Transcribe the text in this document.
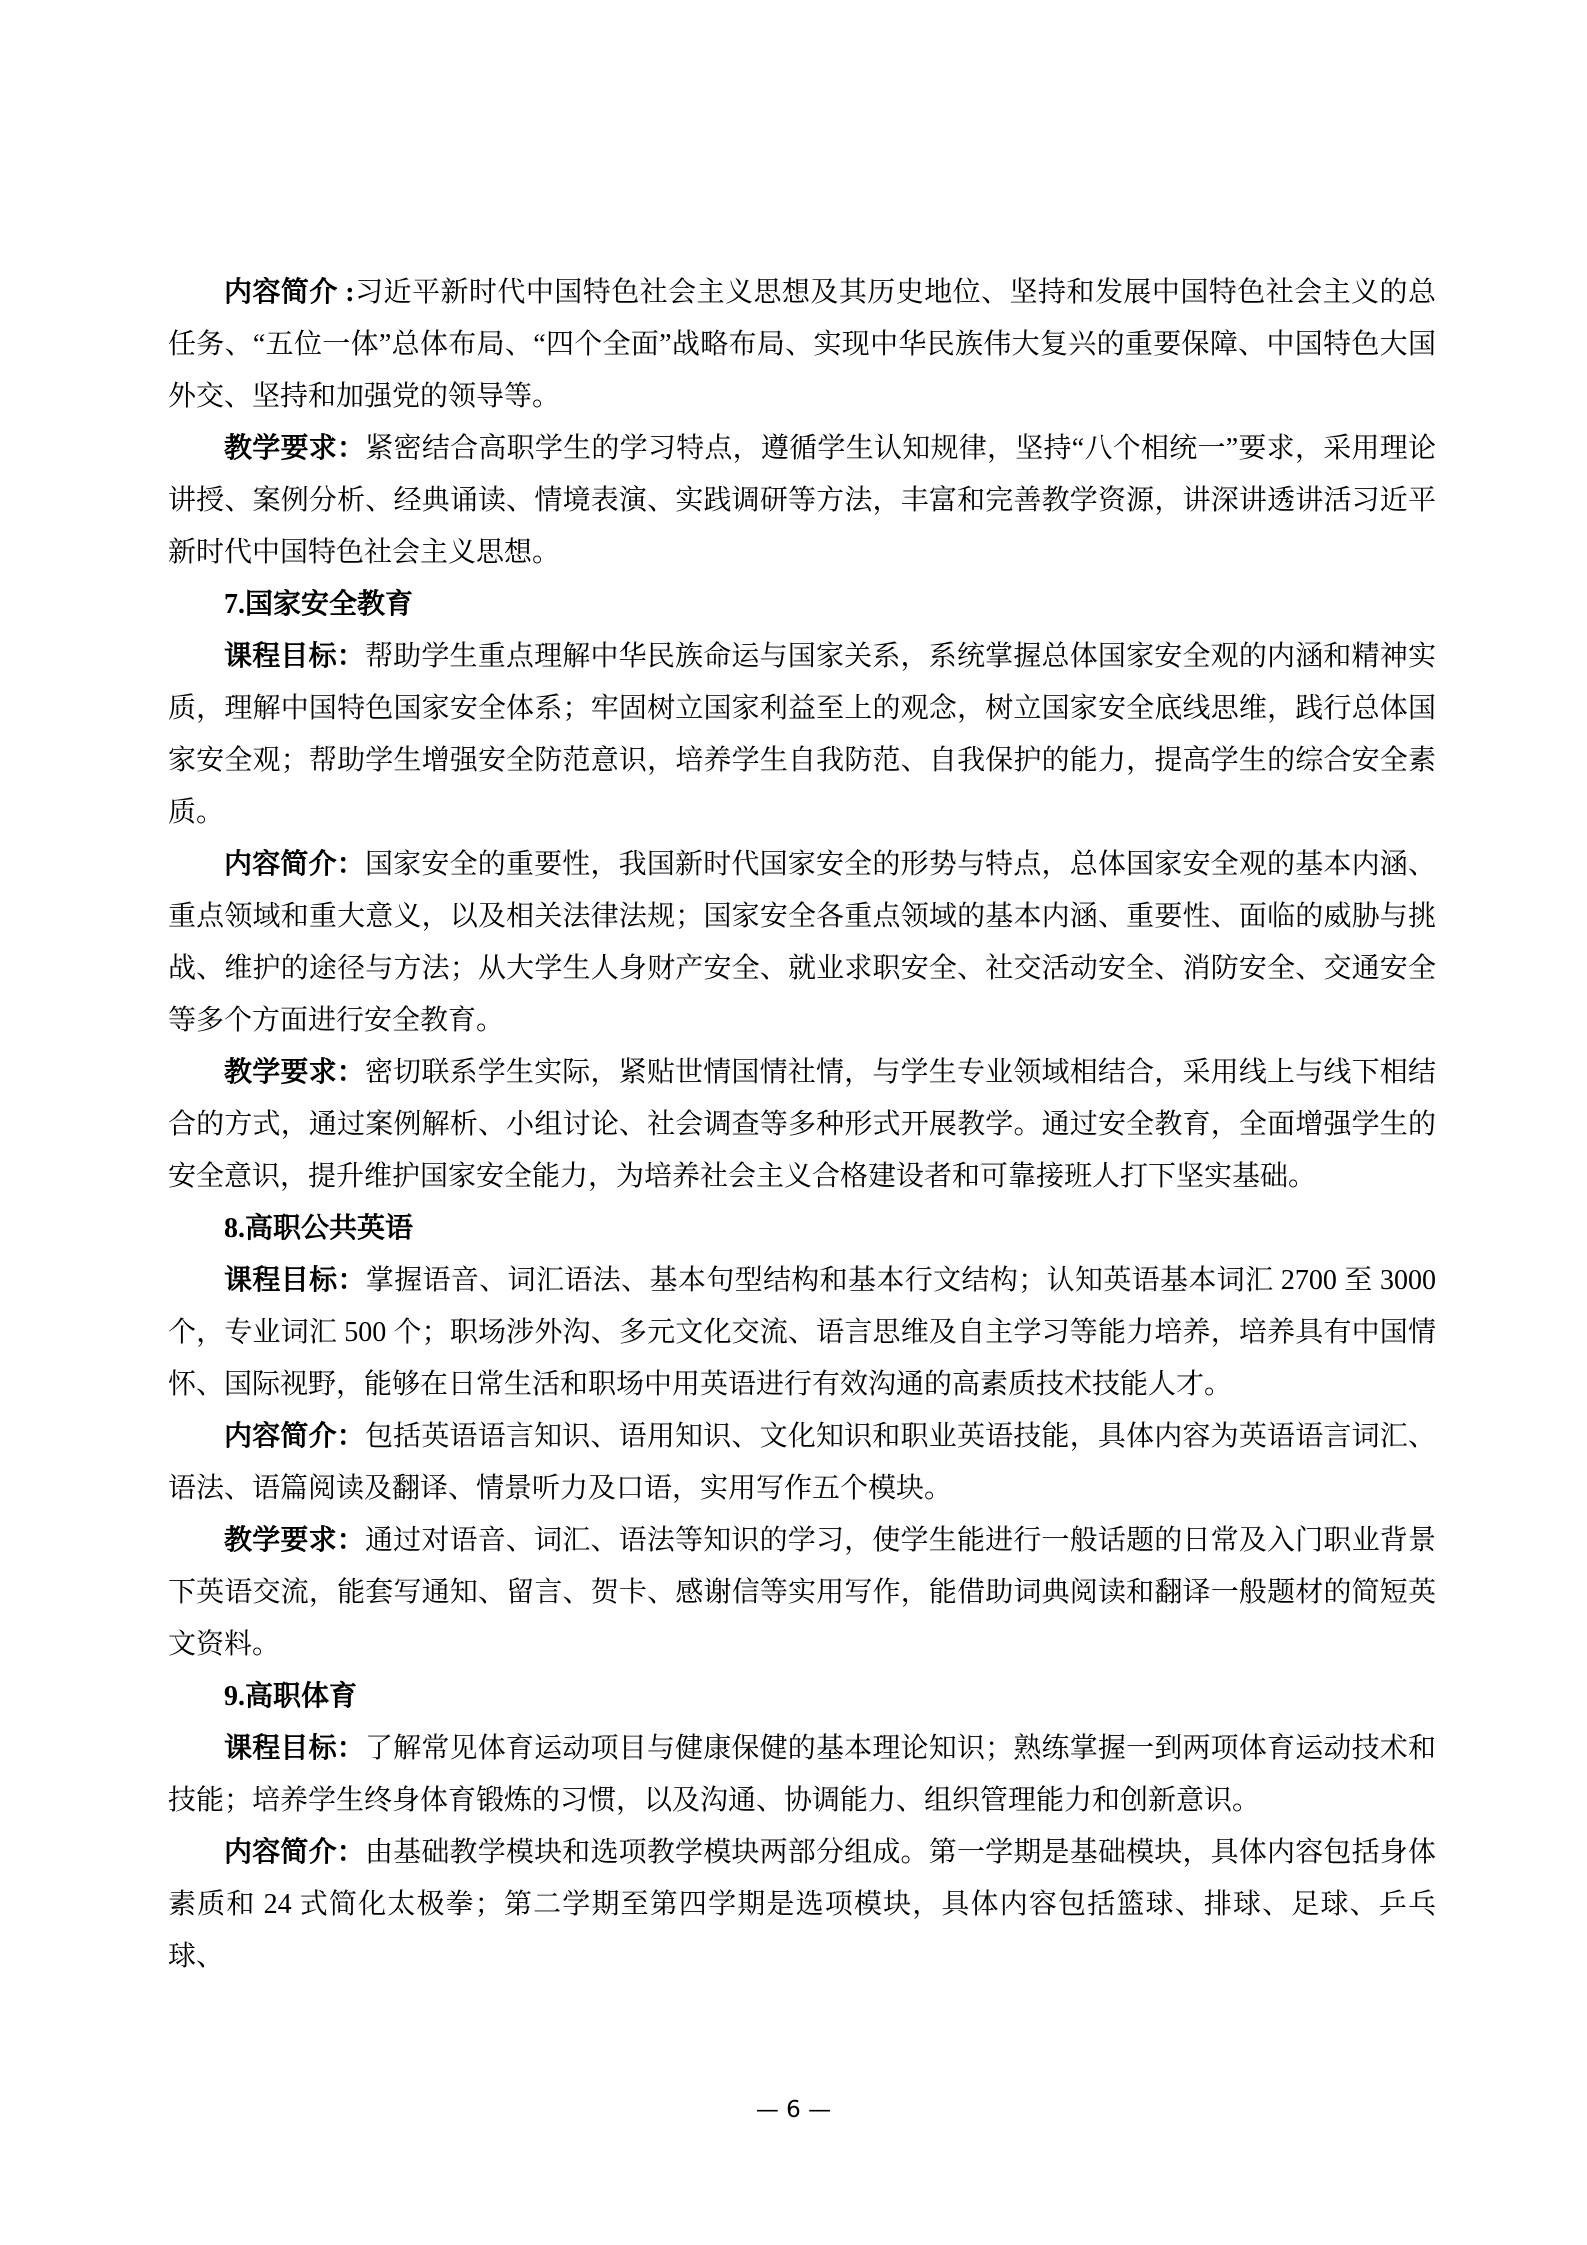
内容简介 :习近平新时代中国特色社会主义思想及其历史地位、坚持和发展中国特色社会主义的总任务、“五位一体”总体布局、“四个全面”战略布局、实现中华民族伟大复兴的重要保障、中国特色大国外交、坚持和加强党的领导等。

教学要求：紧密结合高职学生的学习特点，遵循学生认知规律，坚持“八个相统一”要求，采用理论讲授、案例分析、经典诵读、情境表演、实践调研等方法，丰富和完善教学资源，讲深讲透讲活习近平新时代中国特色社会主义思想。

7.国家安全教育

课程目标：帮助学生重点理解中华民族命运与国家关系，系统掌握总体国家安全观的内涵和精神实质，理解中国特色国家安全体系；牢固树立国家利益至上的观念，树立国家安全底线思维，践行总体国家安全观；帮助学生增强安全防范意识，培养学生自我防范、自我保护的能力，提高学生的综合安全素质。

内容简介：国家安全的重要性，我国新时代国家安全的形势与特点，总体国家安全观的基本内涵、重点领域和重大意义，以及相关法律法规；国家安全各重点领域的基本内涵、重要性、面临的威胁与挑战、维护的途径与方法；从大学生人身财产安全、就业求职安全、社交活动安全、消防安全、交通安全等多个方面进行安全教育。

教学要求：密切联系学生实际，紧贴世情国情社情，与学生专业领域相结合，采用线上与线下相结合的方式，通过案例解析、小组讨论、社会调查等多种形式开展教学。通过安全教育，全面增强学生的安全意识，提升维护国家安全能力，为培养社会主义合格建设者和可靠接班人打下坚实基础。

8.高职公共英语

课程目标：掌握语音、词汇语法、基本句型结构和基本行文结构；认知英语基本词汇 2700 至 3000 个，专业词汇 500 个；职场涉外沟、多元文化交流、语言思维及自主学习等能力培养，培养具有中国情怀、国际视野，能够在日常生活和职场中用英语进行有效沟通的高素质技术技能人才。

内容简介：包括英语语言知识、语用知识、文化知识和职业英语技能，具体内容为英语语言词汇、语法、语篇阅读及翻译、情景听力及口语，实用写作五个模块。

教学要求：通过对语音、词汇、语法等知识的学习，使学生能进行一般话题的日常及入门职业背景下英语交流，能套写通知、留言、贺卡、感谢信等实用写作，能借助词典阅读和翻译一般题材的简短英文资料。

9.高职体育

课程目标：了解常见体育运动项目与健康保健的基本理论知识；熟练掌握一到两项体育运动技术和技能；培养学生终身体育锻炼的习惯，以及沟通、协调能力、组织管理能力和创新意识。

内容简介：由基础教学模块和选项教学模块两部分组成。第一学期是基础模块，具体内容包括身体素质和 24 式简化太极拳；第二学期至第四学期是选项模块，具体内容包括篮球、排球、足球、乒乓球、

— 6 —
